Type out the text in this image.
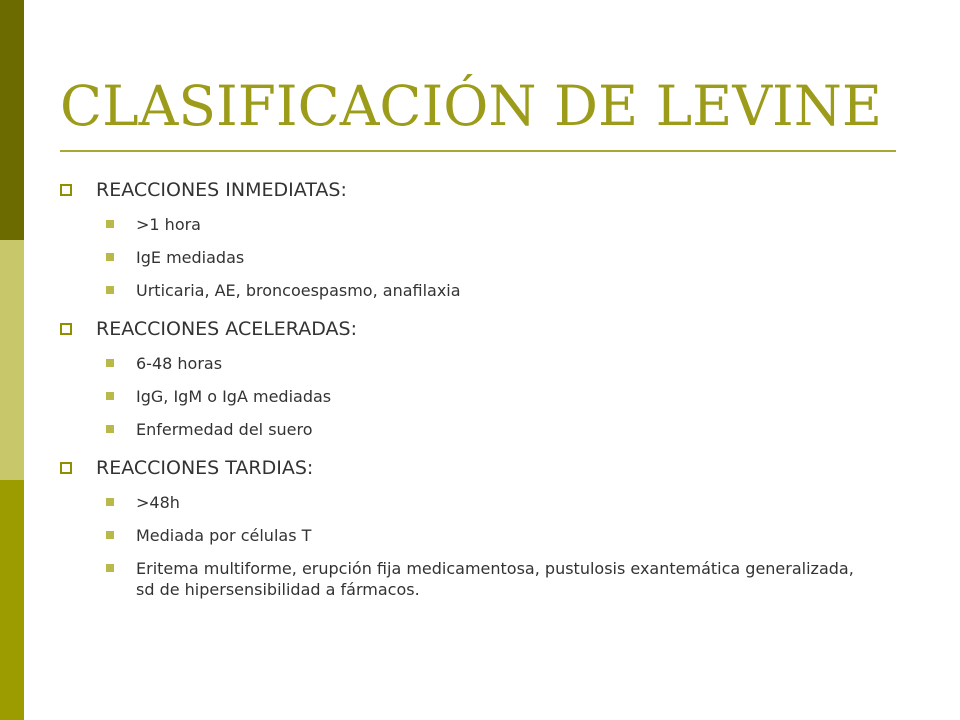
CLASIFICACIÓN DE LEVINE
REACCIONES INMEDIATAS:
>1 hora
IgE mediadas
Urticaria, AE, broncoespasmo, anafilaxia
REACCIONES ACELERADAS:
6-48 horas
IgG, IgM o IgA mediadas
Enfermedad del suero
REACCIONES TARDIAS:
>48h
Mediada por células T
Eritema multiforme, erupción fija medicamentosa, pustulosis exantemática generalizada, sd de hipersensibilidad a fármacos.
